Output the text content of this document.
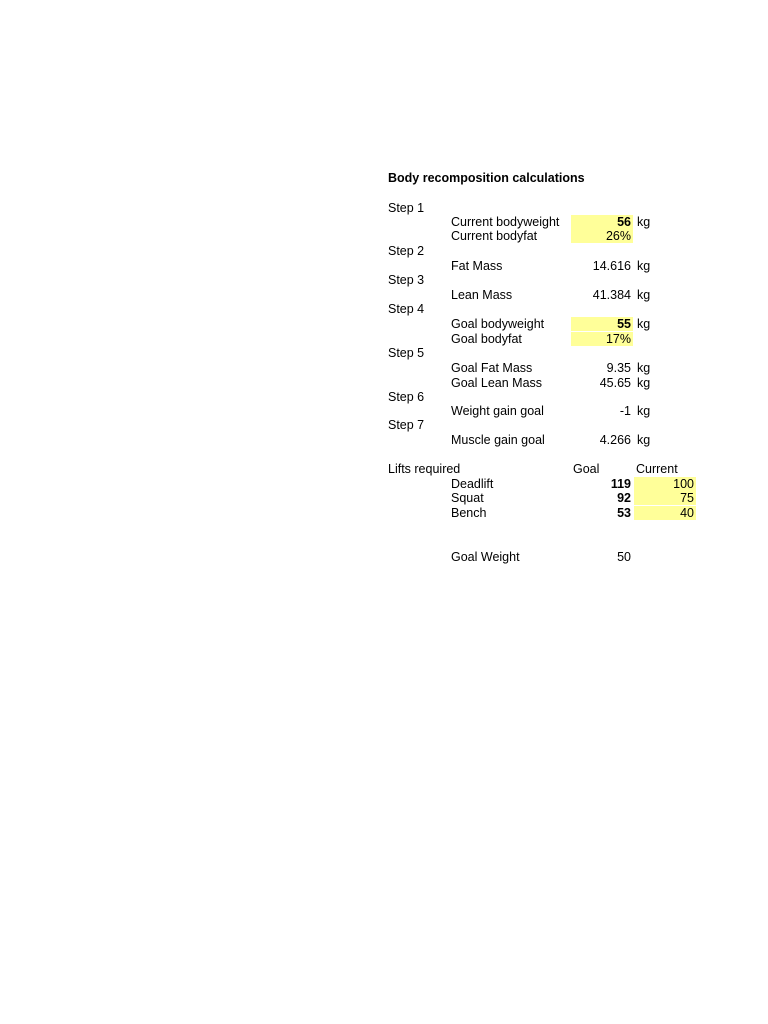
Body recomposition calculations
Step 1
Current bodyweight	56 kg
Current bodyfat	26%
Step 2
Fat Mass	14.616 kg
Step 3
Lean Mass	41.384 kg
Step 4
Goal bodyweight	55 kg
Goal bodyfat	17%
Step 5
Goal Fat Mass	9.35 kg
Goal Lean Mass	45.65 kg
Step 6
Weight gain goal	-1 kg
Step 7
Muscle gain goal	4.266 kg
Lifts required	Goal	Current
Deadlift	119	100
Squat	92	75
Bench	53	40
Goal Weight	50
